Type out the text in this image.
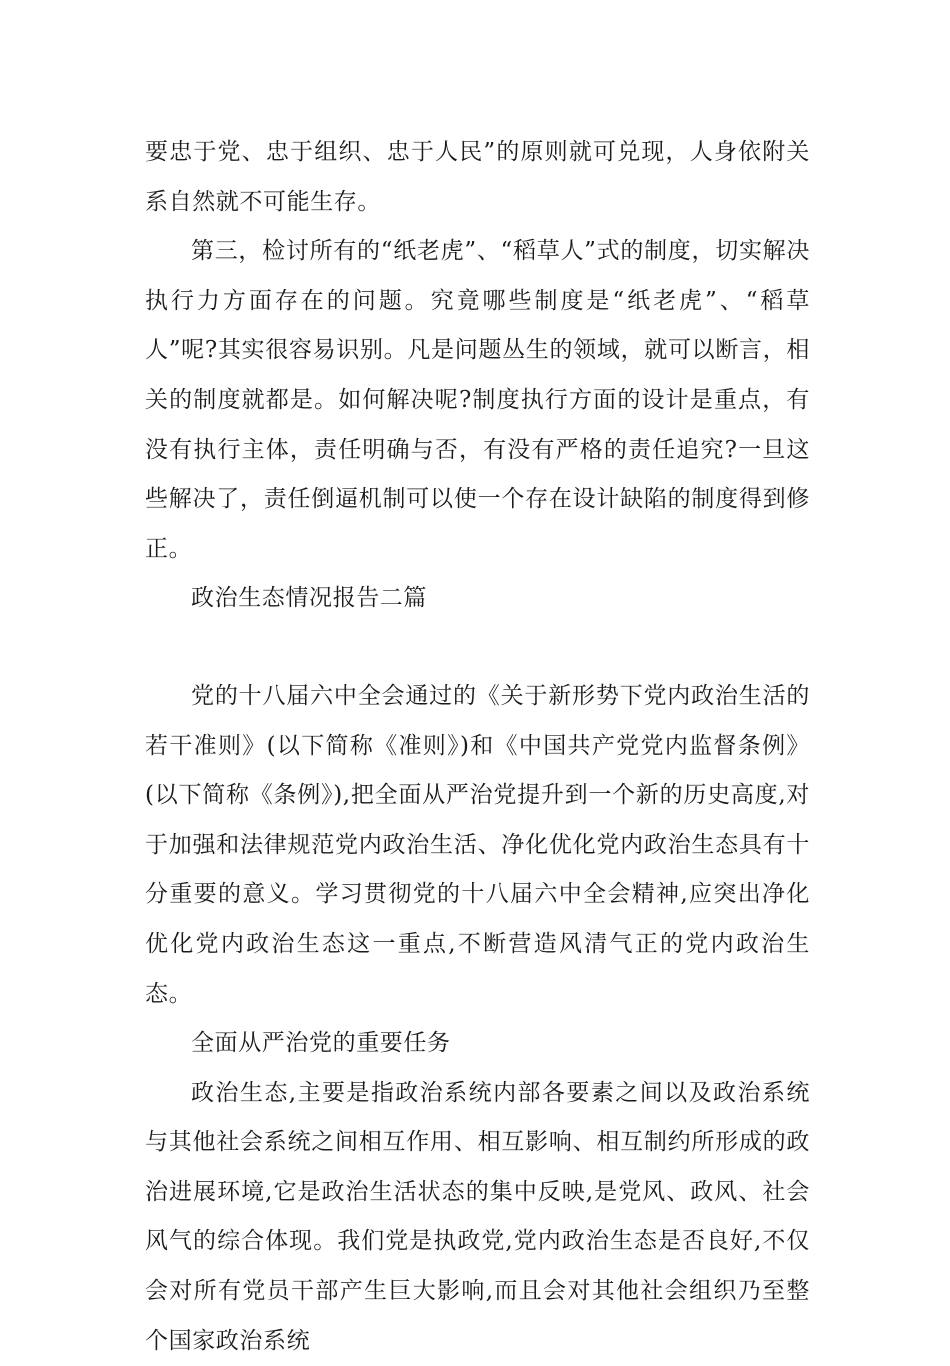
要忠于党、忠于组织、忠于人民”的原则就可兑现，人身依附关系自然就不可能生存。

第三，检讨所有的“纸老虎”、“稻草人”式的制度，切实解决执行力方面存在的问题。究竟哪些制度是“纸老虎”、“稻草人”呢?其实很容易识别。凡是问题丛生的领域，就可以断言，相关的制度就都是。如何解决呢?制度执行方面的设计是重点，有没有执行主体，责任明确与否，有没有严格的责任追究?一旦这些解决了，责任倒逼机制可以使一个存在设计缺陷的制度得到修正。

政治生态情况报告二篇

党的十八届六中全会通过的《关于新形势下党内政治生活的若干准则》(以下简称《准则》)和《中国共产党党内监督条例》(以下简称《条例》),把全面从严治党提升到一个新的历史高度,对于加强和法律规范党内政治生活、净化优化党内政治生态具有十分重要的意义。学习贯彻党的十八届六中全会精神,应突出净化优化党内政治生态这一重点,不断营造风清气正的党内政治生态。

全面从严治党的重要任务

政治生态,主要是指政治系统内部各要素之间以及政治系统与其他社会系统之间相互作用、相互影响、相互制约所形成的政治进展环境,它是政治生活状态的集中反映,是党风、政风、社会风气的综合体现。我们党是执政党,党内政治生态是否良好,不仅会对所有党员干部产生巨大影响,而且会对其他社会组织乃至整个国家政治系统
